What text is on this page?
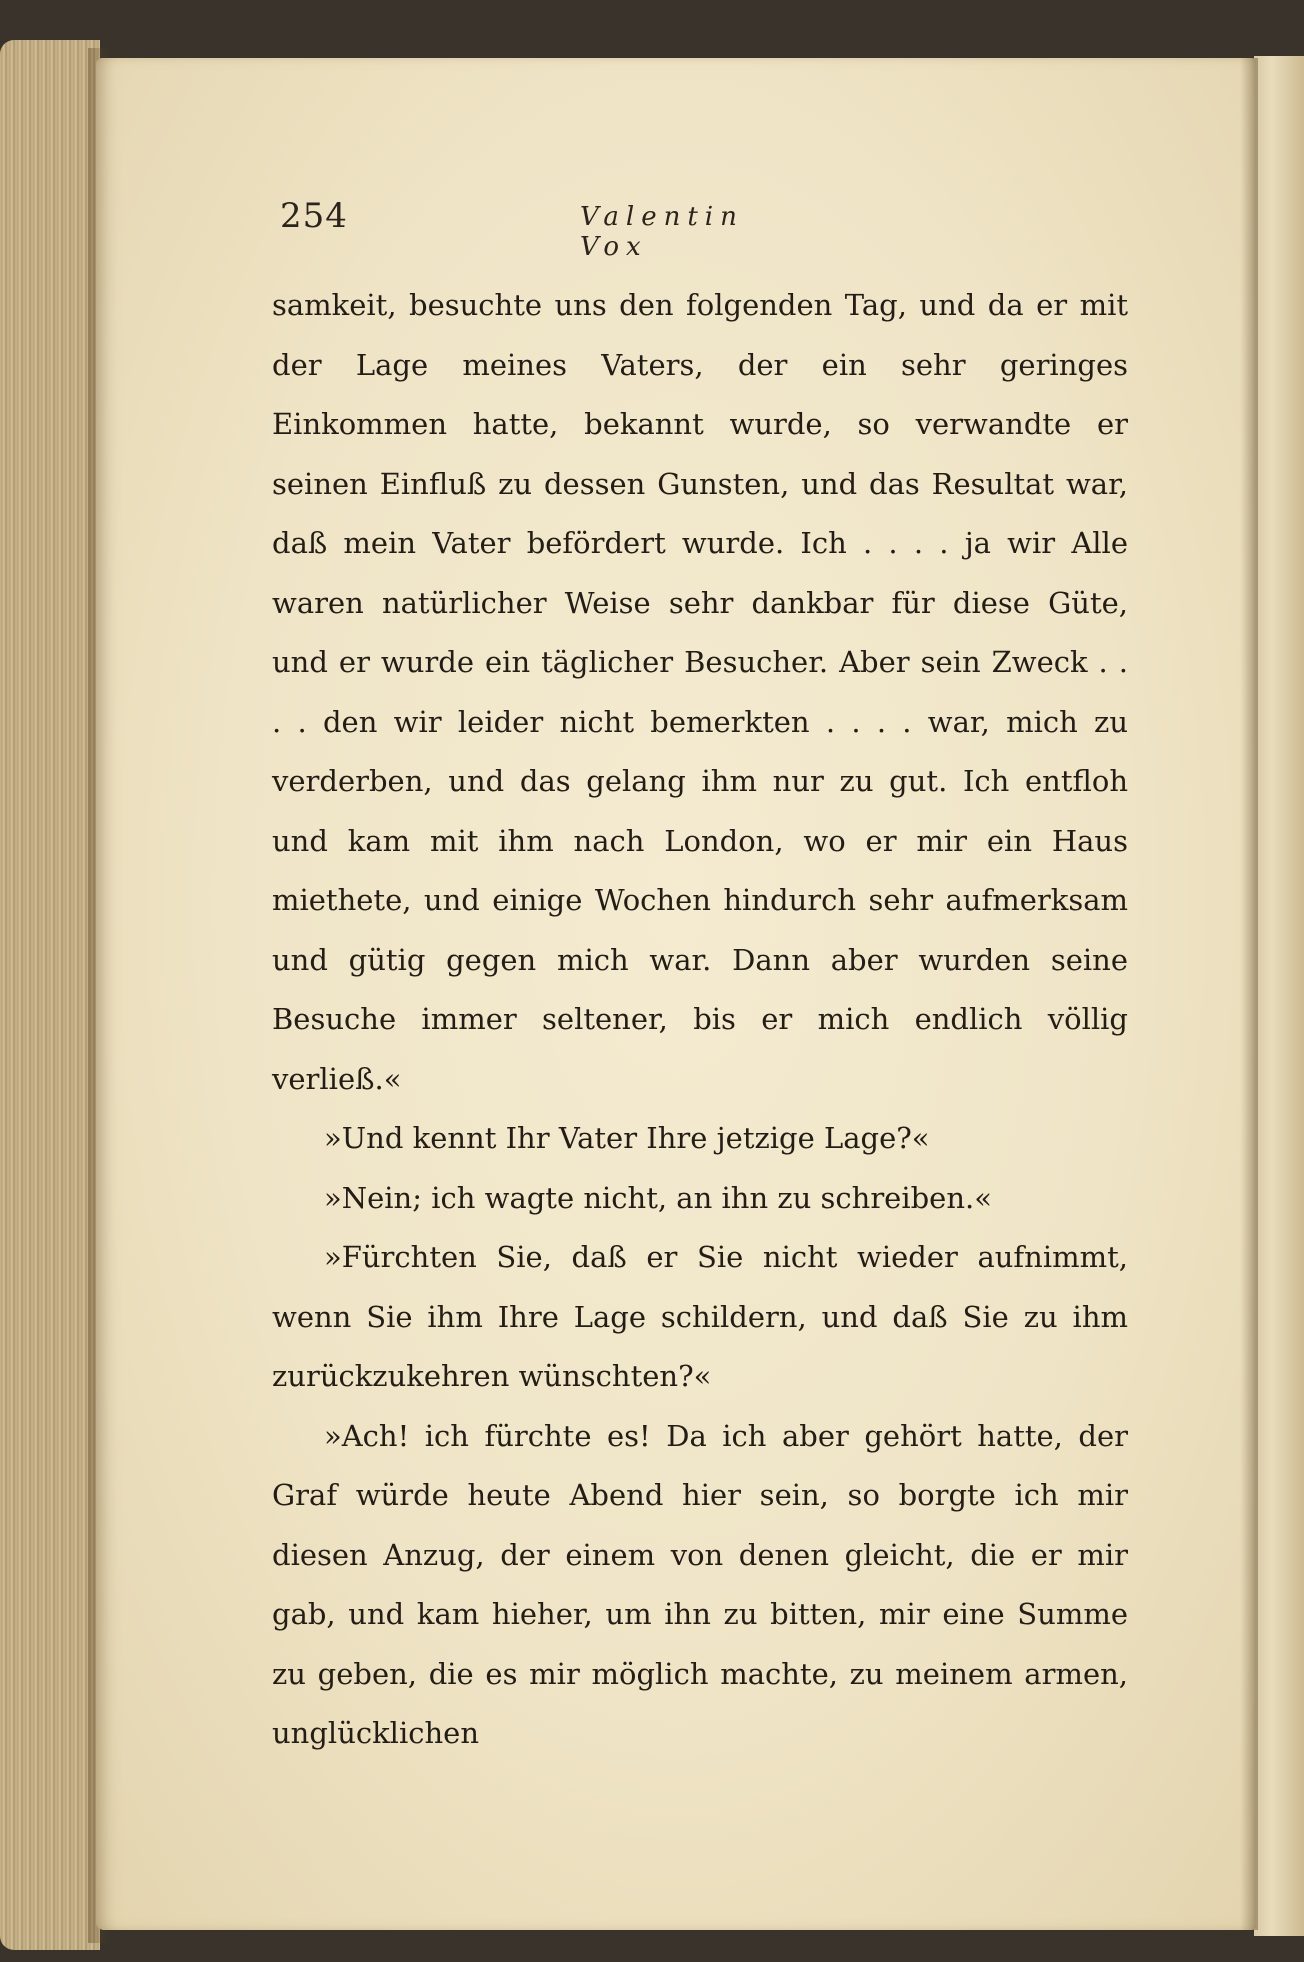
254	Valentin Vox

samkeit, besuchte uns den folgenden Tag, und da er mit der Lage meines Vaters, der ein sehr geringes Einkommen hatte, bekannt wurde, so verwandte er seinen Einfluß zu dessen Gunsten, und das Resultat war, daß mein Vater befördert wurde. Ich . . . . ja wir Alle waren natürlicher Weise sehr dankbar für diese Güte, und er wurde ein täglicher Besucher. Aber sein Zweck . . . . den wir leider nicht bemerkten . . . . war, mich zu verderben, und das gelang ihm nur zu gut. Ich entfloh und kam mit ihm nach London, wo er mir ein Haus miethete, und einige Wochen hindurch sehr aufmerksam und gütig gegen mich war. Dann aber wurden seine Besuche immer seltener, bis er mich endlich völlig verließ.«

»Und kennt Ihr Vater Ihre jetzige Lage?«

»Nein; ich wagte nicht, an ihn zu schreiben.«

»Fürchten Sie, daß er Sie nicht wieder aufnimmt, wenn Sie ihm Ihre Lage schildern, und daß Sie zu ihm zurückzukehren wünschten?«

»Ach! ich fürchte es! Da ich aber gehört hatte, der Graf würde heute Abend hier sein, so borgte ich mir diesen Anzug, der einem von denen gleicht, die er mir gab, und kam hieher, um ihn zu bitten, mir eine Summe zu geben, die es mir möglich machte, zu meinem armen, unglücklichen
